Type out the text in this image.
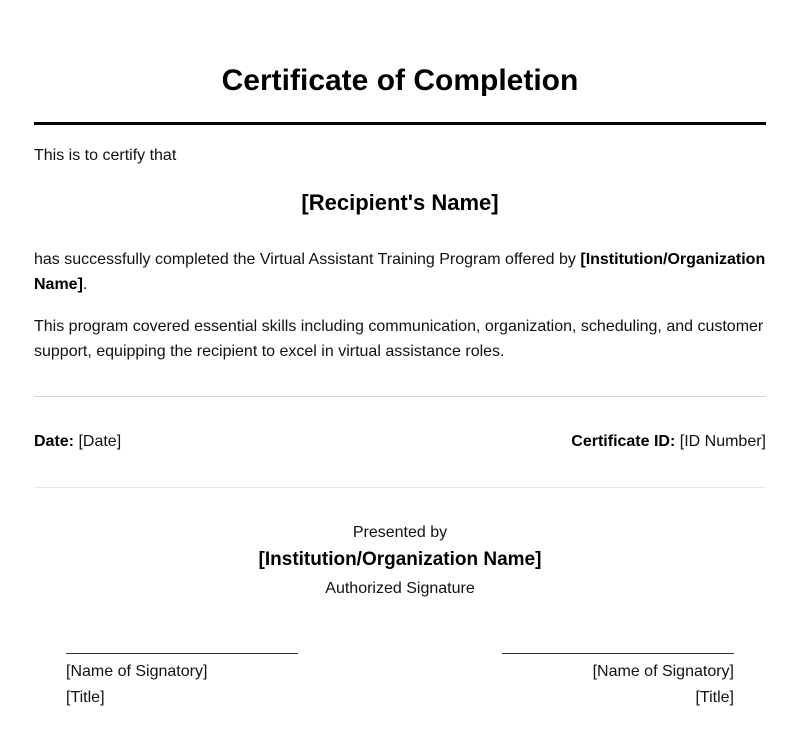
Certificate of Completion
This is to certify that
[Recipient's Name]
has successfully completed the Virtual Assistant Training Program offered by [Institution/Organization Name].
This program covered essential skills including communication, organization, scheduling, and customer support, equipping the recipient to excel in virtual assistance roles.
Date: [Date]	Certificate ID: [ID Number]
Presented by
[Institution/Organization Name]
Authorized Signature
[Name of Signatory]
[Title]
[Name of Signatory]
[Title]
